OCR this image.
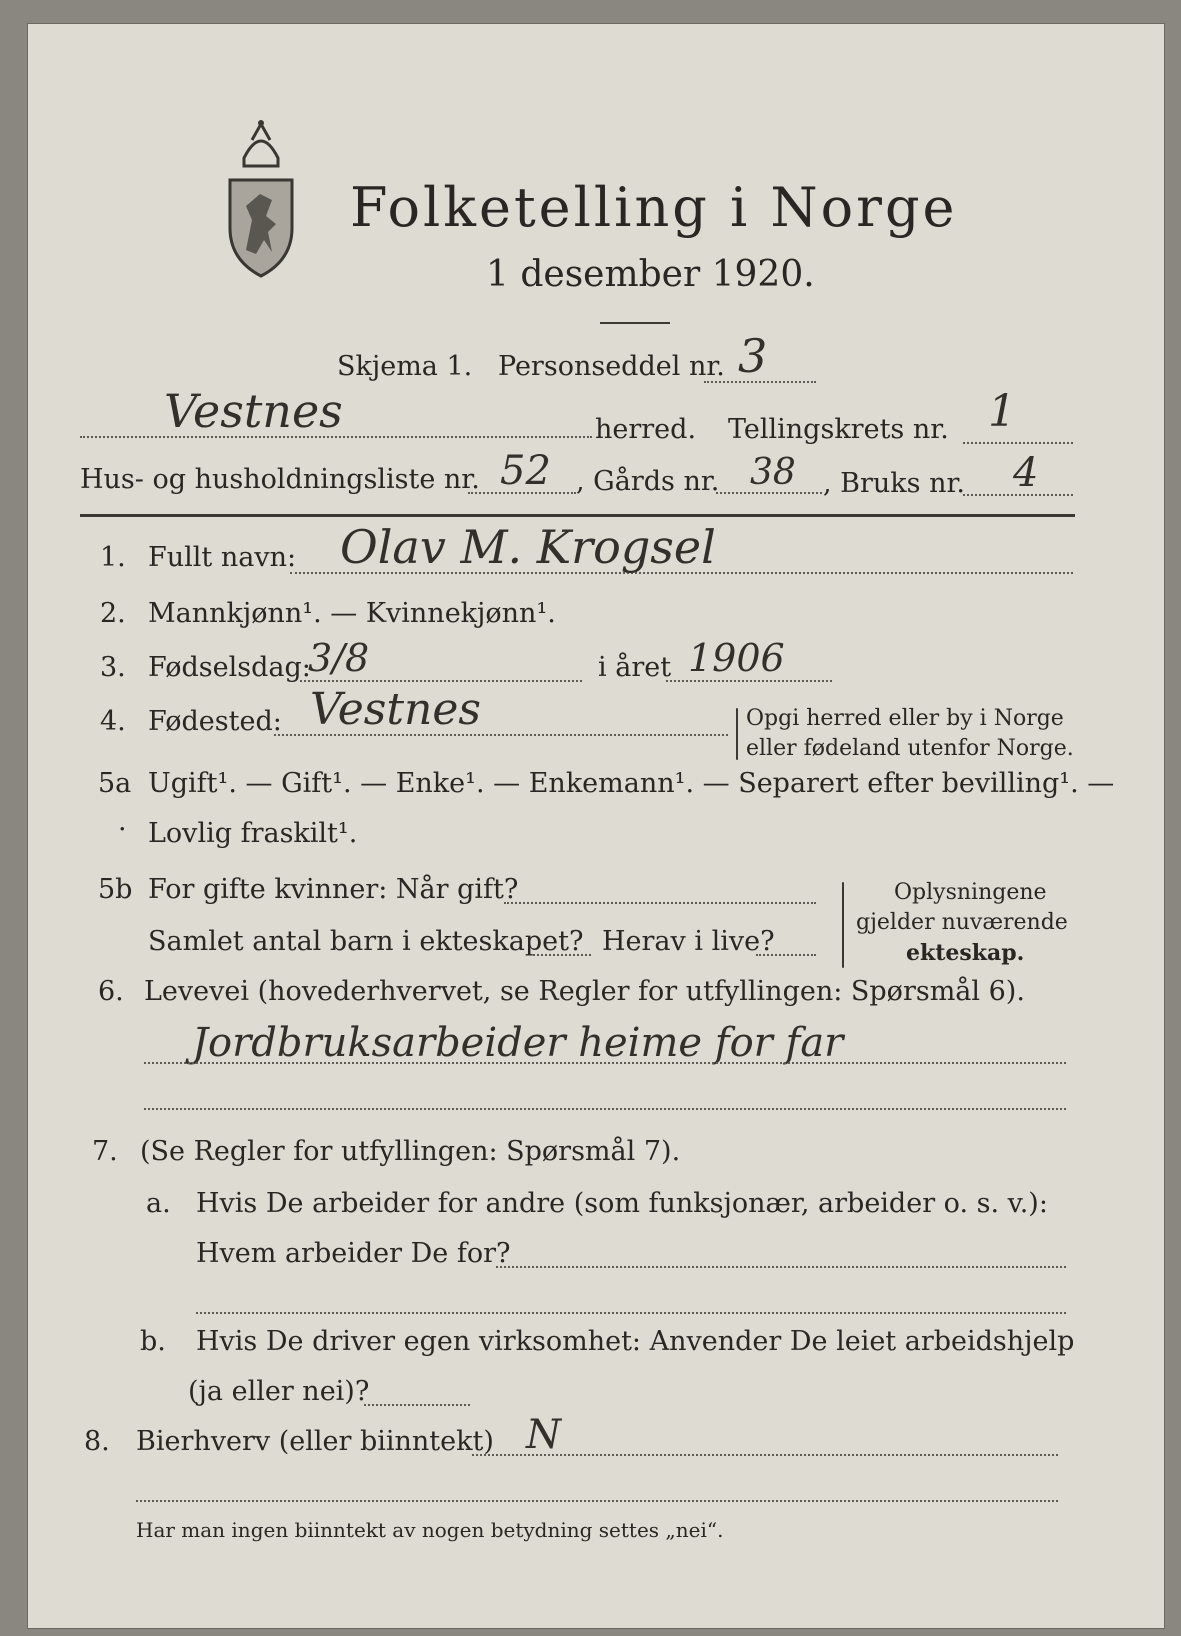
Folketelling i Norge
1 desember 1920.
Skjema 1. Personseddel nr. 3
Vestnes	herred. Tellingskrets nr. 1
Hus- og husholdningsliste nr. 52 , Gårds nr. 38 , Bruks nr. 4
1. Fullt navn: Olav M. Krogsel
2. Mannkjønn¹. — Kvinnekjønn¹.
3. Fødselsdag:
3/8	i året 1906
4. Fødested: Vestnes	Opgi herred eller by i Norge
eller fødeland utenfor Norge.
5a Ugift¹. — Gift¹. — Enke¹. — Enkemann¹. — Separert efter bevilling¹. —
· Lovlig fraskilt¹.
5b For gifte kvinner: Når gift?
Samlet antal barn i ekteskapet? Herav i live?
Oplysningene
gjelder nuværende
ekteskap.
6. Levevei (hovederhvervet, se Regler for utfyllingen: Spørsmål 6).
Jordbruksarbeider heime for far
7. (Se Regler for utfyllingen: Spørsmål 7).
a. Hvis De arbeider for andre (som funksjonær, arbeider o. s. v.):
Hvem arbeider De for?
b. Hvis De driver egen virksomhet: Anvender De leiet arbeidshjelp
(ja eller nei)?
8. Bierhverv (eller biinntekt) N
Har man ingen biinntekt av nogen betydning settes „nei“.
